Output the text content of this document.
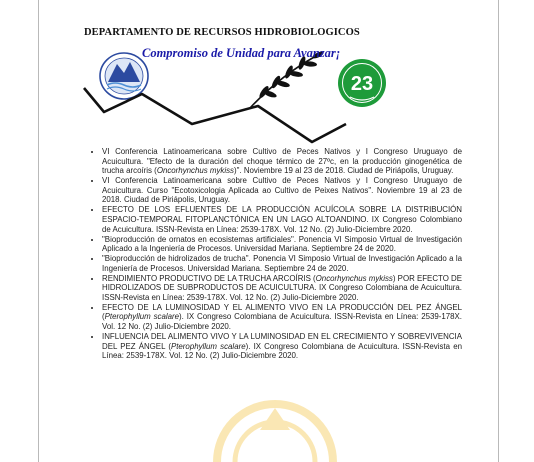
DEPARTAMENTO DE RECURSOS HIDROBIOLOGICOS
Compromiso de Unidad para Avanzar¡
23
• VI Conferencia Latinoamericana sobre Cultivo de Peces Nativos y I Congreso Uruguayo de Acuicultura. "Efecto de la duración del choque térmico de 27ºc, en la producción ginogenética de trucha arcoíris (Oncorhynchus mykiss)". Noviembre 19 al 23 de 2018. Ciudad de Piriápolis, Uruguay.
• VI Conferencia Latinoamericana sobre Cultivo de Peces Nativos y I Congreso Uruguayo de Acuicultura. Curso "Ecotoxicologia Aplicada ao Cultivo de Peixes Nativos". Noviembre 19 al 23 de 2018. Ciudad de Piriápolis, Uruguay.
• EFECTO DE LOS EFLUENTES DE LA PRODUCCIÓN ACUÍCOLA SOBRE LA DISTRIBUCIÓN ESPACIO-TEMPORAL FITOPLANCTÓNICA EN UN LAGO ALTOANDINO. IX Congreso Colombiano de Acuicultura. ISSN-Revista en Línea: 2539-178X. Vol. 12 No. (2) Julio-Diciembre 2020.
• "Bioproducción de ornatos en ecosistemas artificiales". Ponencia VI Simposio Virtual de Investigación Aplicado a la Ingeniería de Procesos. Universidad Mariana. Septiembre 24 de 2020.
• "Bioproducción de hidrolizados de trucha". Ponencia VI Simposio Virtual de Investigación Aplicado a la Ingeniería de Procesos. Universidad Mariana. Septiembre 24 de 2020.
• RENDIMIENTO PRODUCTIVO DE LA TRUCHA ARCOÍRIS (Oncorhynchus mykiss) POR EFECTO DE HIDROLIZADOS DE SUBPRODUCTOS DE ACUICULTURA. IX Congreso Colombiana de Acuicultura. ISSN-Revista en Línea: 2539-178X. Vol. 12 No. (2) Julio-Diciembre 2020.
• EFECTO DE LA LUMINOSIDAD Y EL ALIMENTO VIVO EN LA PRODUCCIÓN DEL PEZ ÁNGEL (Pterophyllum scalare). IX Congreso Colombiana de Acuicultura. ISSN-Revista en Línea: 2539-178X. Vol. 12 No. (2) Julio-Diciembre 2020.
• INFLUENCIA DEL ALIMENTO VIVO Y LA LUMINOSIDAD EN EL CRECIMIENTO Y SOBREVIVENCIA DEL PEZ ÁNGEL (Pterophyllum scalare). IX Congreso Colombiana de Acuicultura. ISSN-Revista en Línea: 2539-178X. Vol. 12 No. (2) Julio-Diciembre 2020.
